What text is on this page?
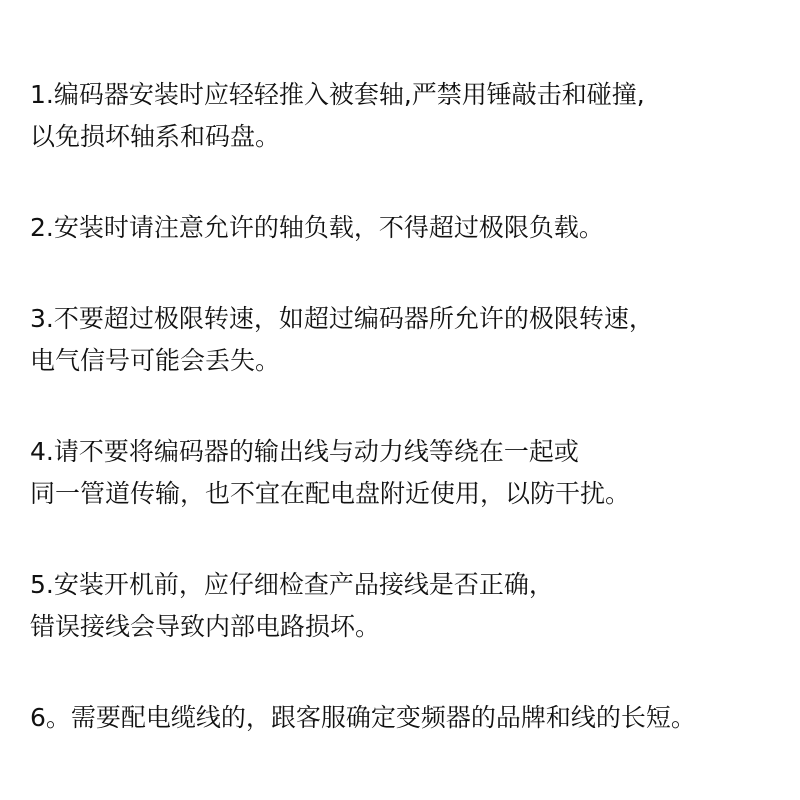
1.编码器安装时应轻轻推入被套轴,严禁用锤敲击和碰撞,
以免损坏轴系和码盘。
2.安装时请注意允许的轴负载，不得超过极限负载。
3.不要超过极限转速，如超过编码器所允许的极限转速，
电气信号可能会丢失。
4.请不要将编码器的输出线与动力线等绕在一起或
同一管道传输，也不宜在配电盘附近使用，以防干扰。
5.安装开机前，应仔细检查产品接线是否正确，
错误接线会导致内部电路损坏。
6。需要配电缆线的，跟客服确定变频器的品牌和线的长短。
